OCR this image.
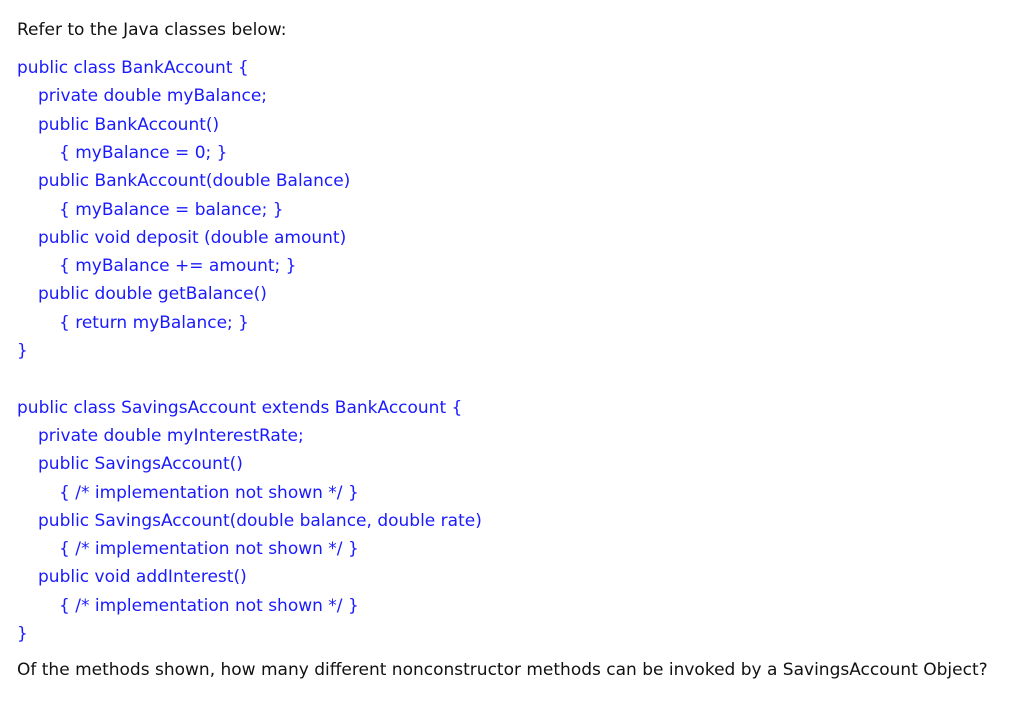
Refer to the Java classes below:
public class BankAccount {
private double myBalance;
public BankAccount()
{ myBalance = 0; }
public BankAccount(double Balance)
{ myBalance = balance; }
public void deposit (double amount)
{ myBalance += amount; }
public double getBalance()
{ return myBalance; }
}
public class SavingsAccount extends BankAccount {
private double myInterestRate;
public SavingsAccount()
{ /* implementation not shown */ }
public SavingsAccount(double balance, double rate)
{ /* implementation not shown */ }
public void addInterest()
{ /* implementation not shown */ }
}
Of the methods shown, how many different nonconstructor methods can be invoked by a SavingsAccount Object?
